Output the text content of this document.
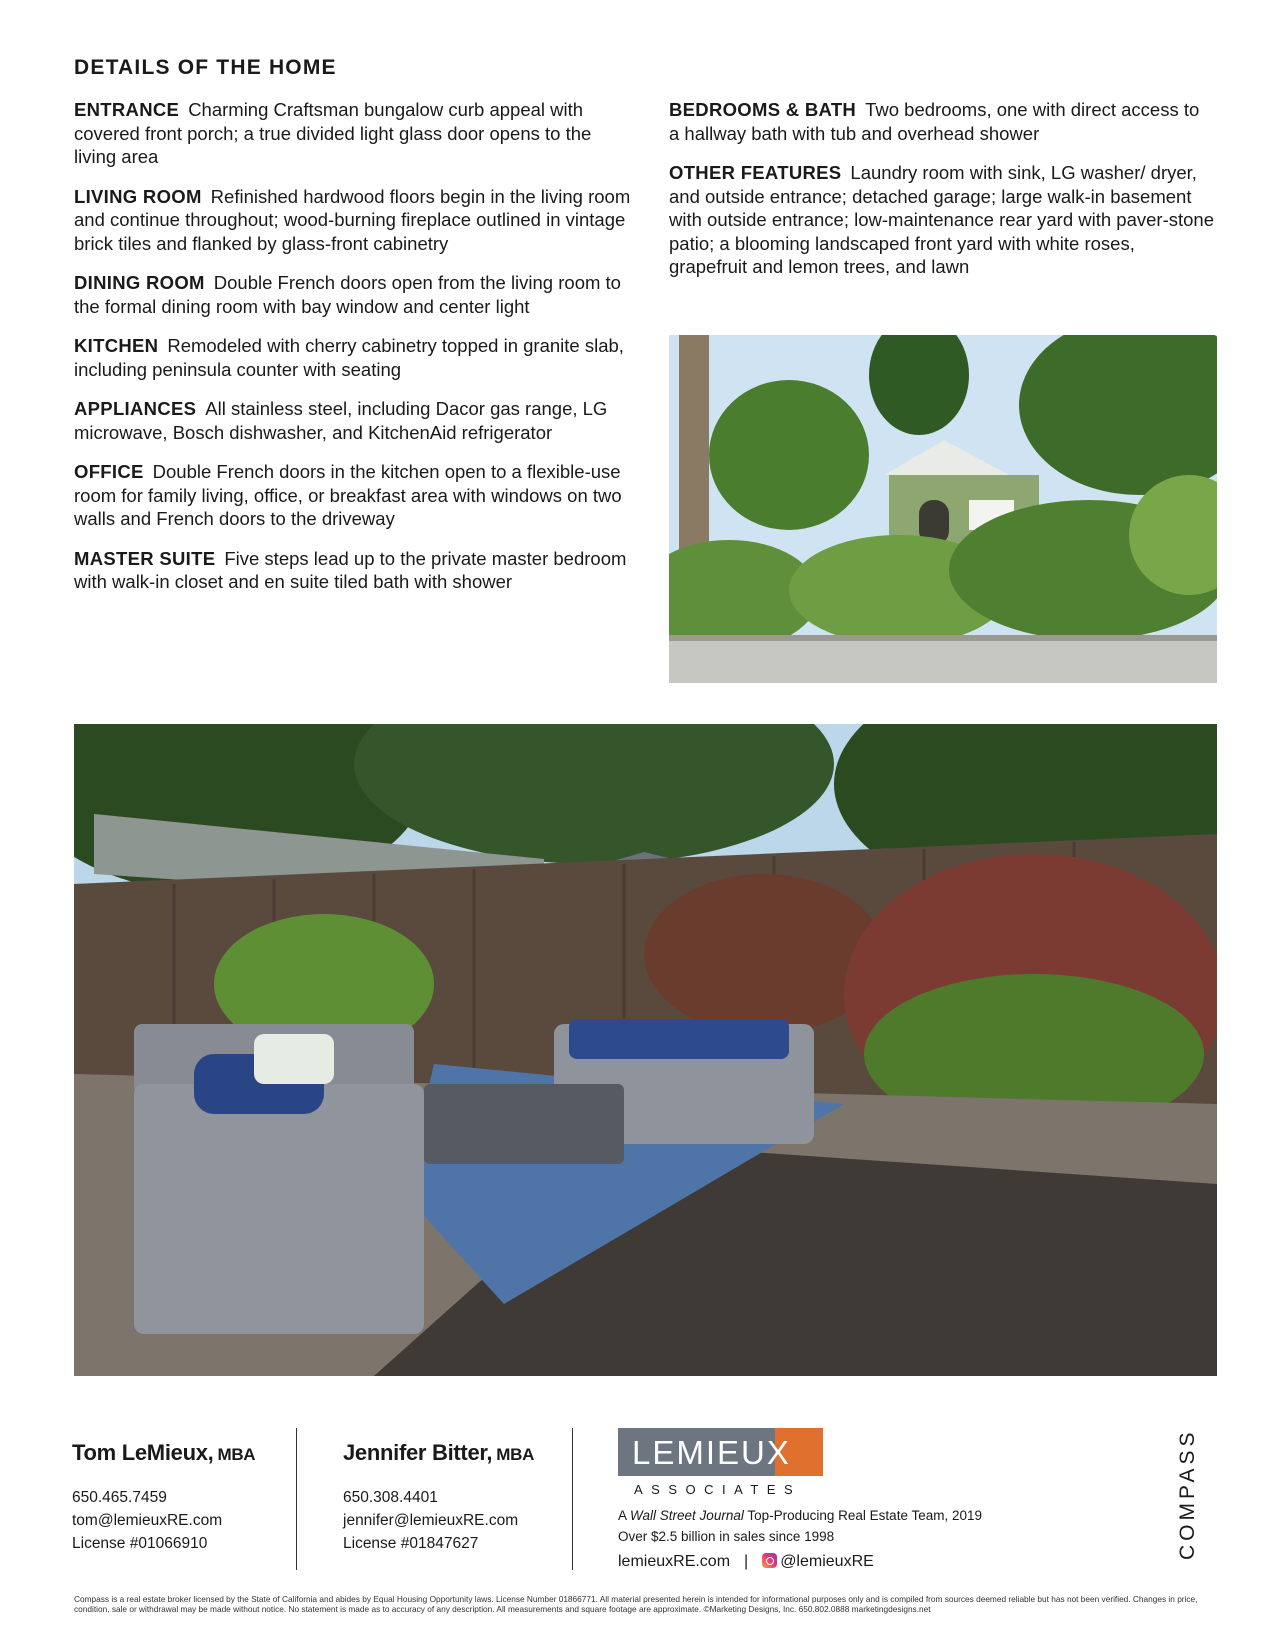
DETAILS OF THE HOME

ENTRANCE Charming Craftsman bungalow curb appeal with covered front porch; a true divided light glass door opens to the living area

LIVING ROOM Refinished hardwood floors begin in the living room and continue throughout; wood-burning fireplace outlined in vintage brick tiles and flanked by glass-front cabinetry

DINING ROOM Double French doors open from the living room to the formal dining room with bay window and center light

KITCHEN Remodeled with cherry cabinetry topped in granite slab, including peninsula counter with seating

APPLIANCES All stainless steel, including Dacor gas range, LG microwave, Bosch dishwasher, and KitchenAid refrigerator

OFFICE Double French doors in the kitchen open to a flexible-use room for family living, office, or breakfast area with windows on two walls and French doors to the driveway

MASTER SUITE Five steps lead up to the private master bedroom with walk-in closet and en suite tiled bath with shower

BEDROOMS & BATH Two bedrooms, one with direct access to a hallway bath with tub and overhead shower

OTHER FEATURES Laundry room with sink, LG washer/ dryer, and outside entrance; detached garage; large walk-in basement with outside entrance; low-maintenance rear yard with paver-stone patio; a blooming landscaped front yard with white roses, grapefruit and lemon trees, and lawn

Tom LeMieux, MBA
650.465.7459
tom@lemieuxRE.com
License #01066910
Jennifer Bitter, MBA
650.308.4401
jennifer@lemieuxRE.com
License #01847627
LEMIEUX
ASSOCIATES
A Wall Street Journal Top-Producing Real Estate Team, 2019
Over $2.5 billion in sales since 1998
lemieuxRE.com | @lemieuxRE
COMPASS
Compass is a real estate broker licensed by the State of California and abides by Equal Housing Opportunity laws. License Number 01866771. All material presented herein is intended for informational purposes only and is compiled from sources deemed reliable but has not been verified. Changes in price, condition, sale or withdrawal may be made without notice. No statement is made as to accuracy of any description. All measurements and square footage are approximate. ©Marketing Designs, Inc. 650.802.0888 marketingdesigns.net
